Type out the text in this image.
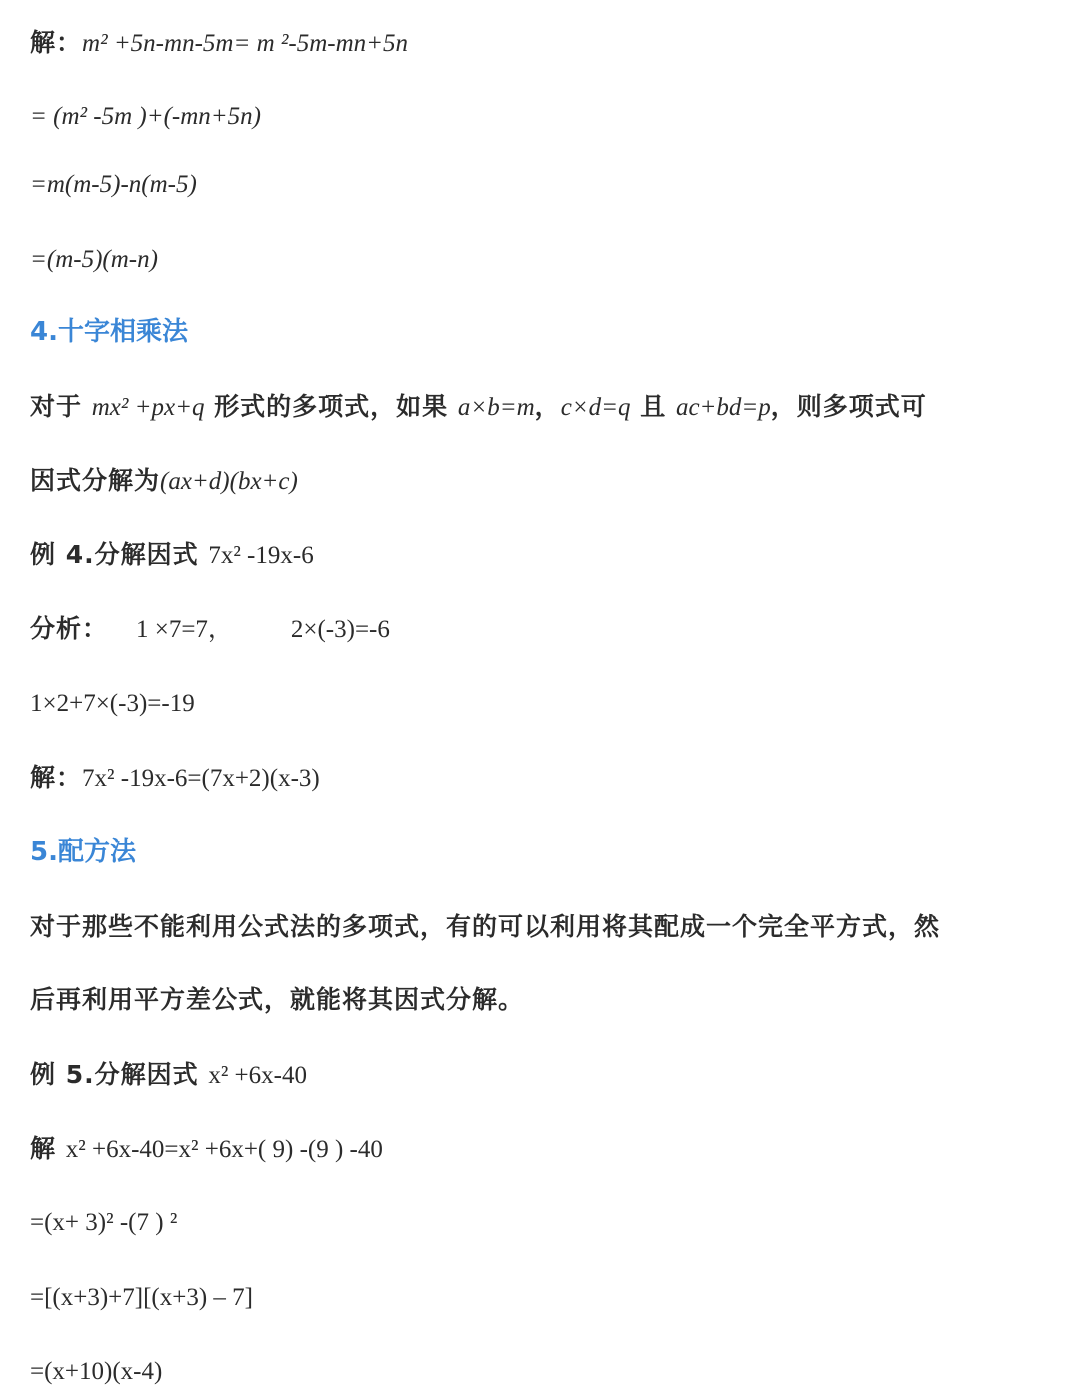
解：m² +5n-mn-5m= m ²-5m-mn+5n
= (m² -5m )+(-mn+5n)
=m(m-5)-n(m-5)
=(m-5)(m-n)
4.十字相乘法
对于 mx² +px+q 形式的多项式，如果 a×b=m，c×d=q 且 ac+bd=p，则多项式可
因式分解为(ax+d)(bx+c)
例 4.分解因式 7x² -19x-6
分析： 1 ×7=7， 2×(-3)=-6
1×2+7×(-3)=-19
解：7x² -19x-6=(7x+2)(x-3)
5.配方法
对于那些不能利用公式法的多项式，有的可以利用将其配成一个完全平方式，然
后再利用平方差公式，就能将其因式分解。
例 5.分解因式 x² +6x-40
解 x² +6x-40=x² +6x+( 9) -(9 ) -40
=(x+ 3)² -(7 ) ²
=[(x+3)+7][(x+3) – 7]
=(x+10)(x-4)
